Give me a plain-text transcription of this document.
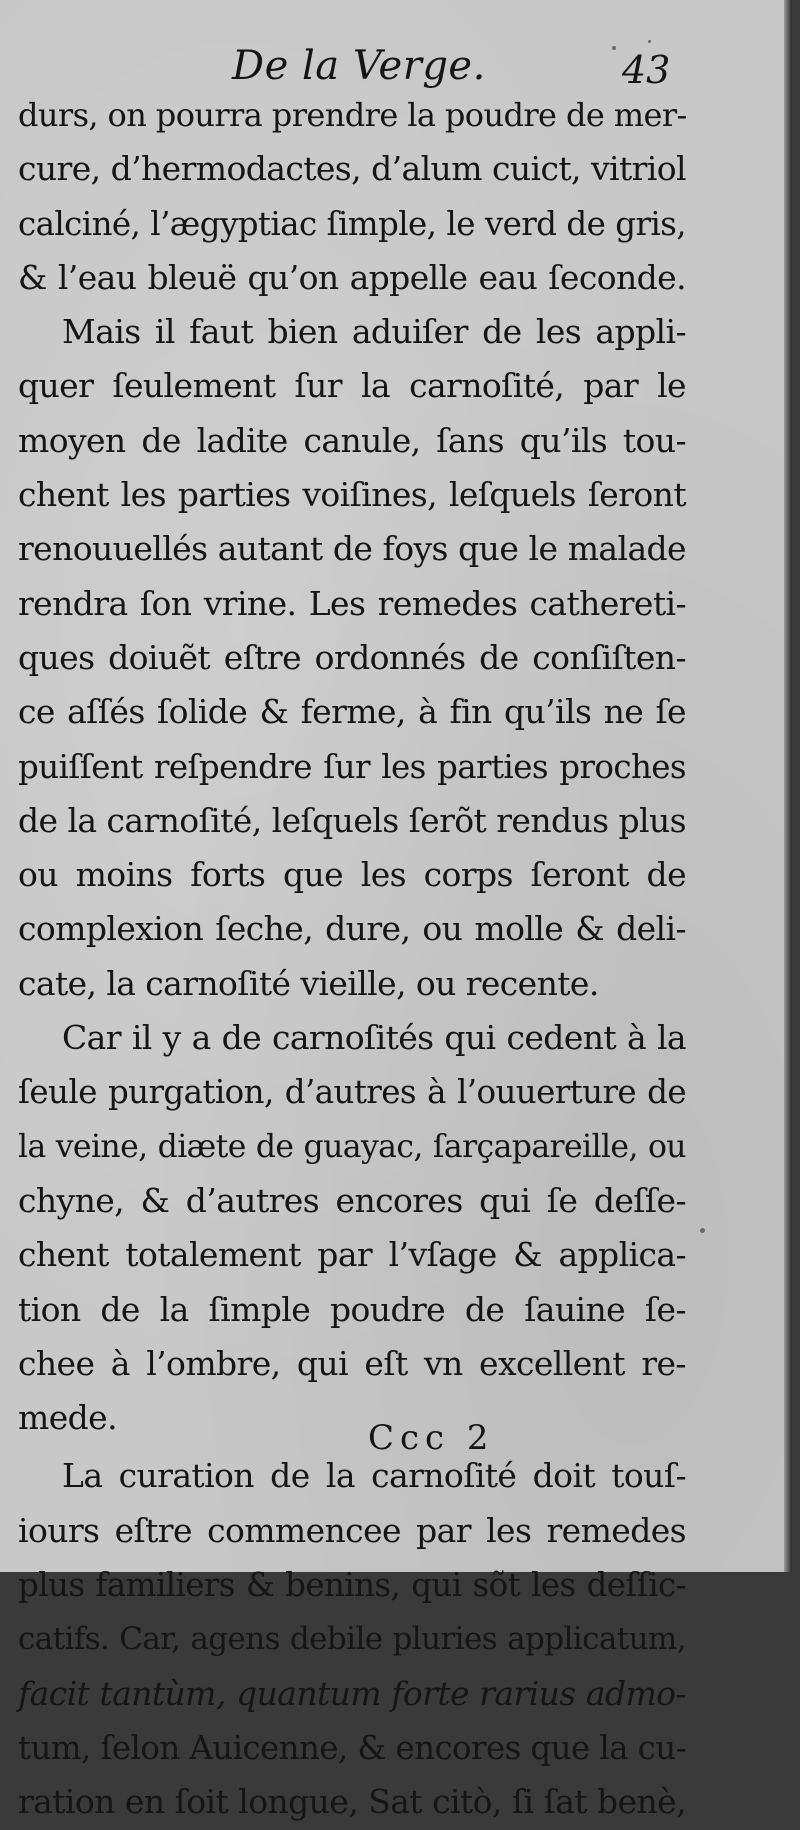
De la Verge.	43
durs, on pourra prendre la poudre de mer-
cure, d’hermodactes, d’alum cuict, vitriol
calciné, l’ægyptiac ſimple, le verd de gris,
& l’eau bleuë qu’on appelle eau ſeconde.
Mais il faut bien aduiſer de les appli-
quer ſeulement ſur la carnoſité, par le
moyen de ladite canule, ſans qu’ils tou-
chent les parties voiſines, leſquels ſeront
renouuellés autant de foys que le malade
rendra ſon vrine. Les remedes cathereti-
ques doiuẽt eſtre ordonnés de conſiſten-
ce aſſés ſolide & ferme, à fin qu’ils ne ſe
puiſſent reſpendre ſur les parties proches
de la carnoſité, leſquels ſerõt rendus plus
ou moins forts que les corps ſeront de
complexion ſeche, dure, ou molle & deli-
cate, la carnoſité vieille, ou recente.
Car il y a de carnoſités qui cedent à la
ſeule purgation, d’autres à l’ouuerture de
la veine, diæte de guayac, ſarçapareille, ou
chyne, & d’autres encores qui ſe deſſe-
chent totalement par l’vſage & applica-
tion de la ſimple poudre de ſauine ſe-
chee à l’ombre, qui eſt vn excellent re-
mede.
La curation de la carnoſité doit touſ-
iours eſtre commencee par les remedes
plus familiers & benins, qui sõt les deſſic-
catifs. Car, agens debile pluries applicatum,
facit tantùm, quantum forte rarius admo-
tum, ſelon Auicenne, & encores que la cu-
ration en ſoit longue, Sat citò, ſi ſat benè,
Ccc 2
